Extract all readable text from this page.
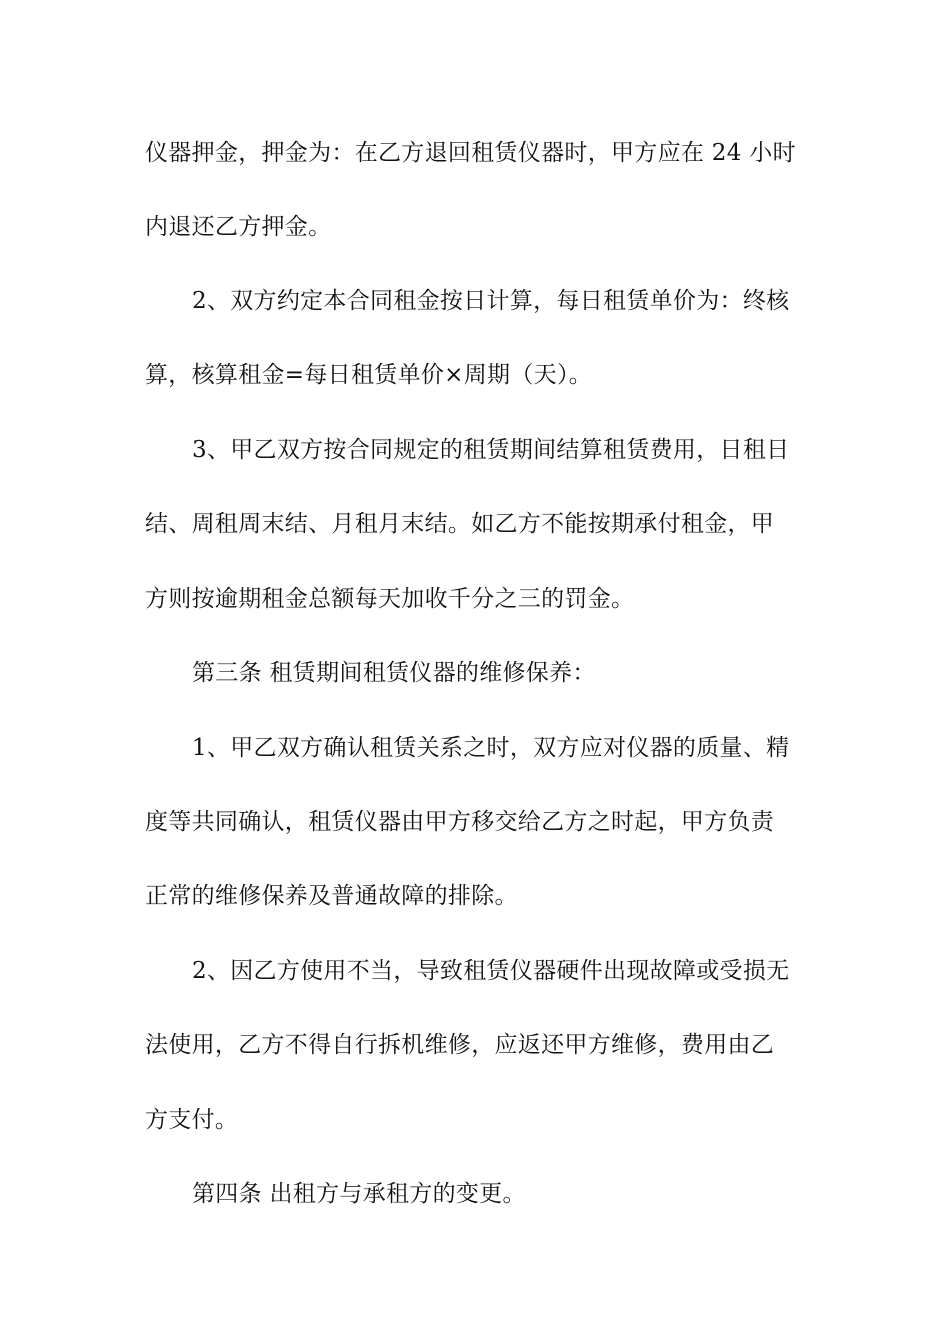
仪器押金，押金为：在乙方退回租赁仪器时，甲方应在 24 小时
内退还乙方押金。
2、双方约定本合同租金按日计算，每日租赁单价为：终核
算，核算租金=每日租赁单价×周期（天）。
3、甲乙双方按合同规定的租赁期间结算租赁费用，日租日
结、周租周末结、月租月末结。如乙方不能按期承付租金，甲
方则按逾期租金总额每天加收千分之三的罚金。
第三条 租赁期间租赁仪器的维修保养：
1、甲乙双方确认租赁关系之时，双方应对仪器的质量、精
度等共同确认，租赁仪器由甲方移交给乙方之时起，甲方负责
正常的维修保养及普通故障的排除。
2、因乙方使用不当，导致租赁仪器硬件出现故障或受损无
法使用，乙方不得自行拆机维修，应返还甲方维修，费用由乙
方支付。
第四条 出租方与承租方的变更。
